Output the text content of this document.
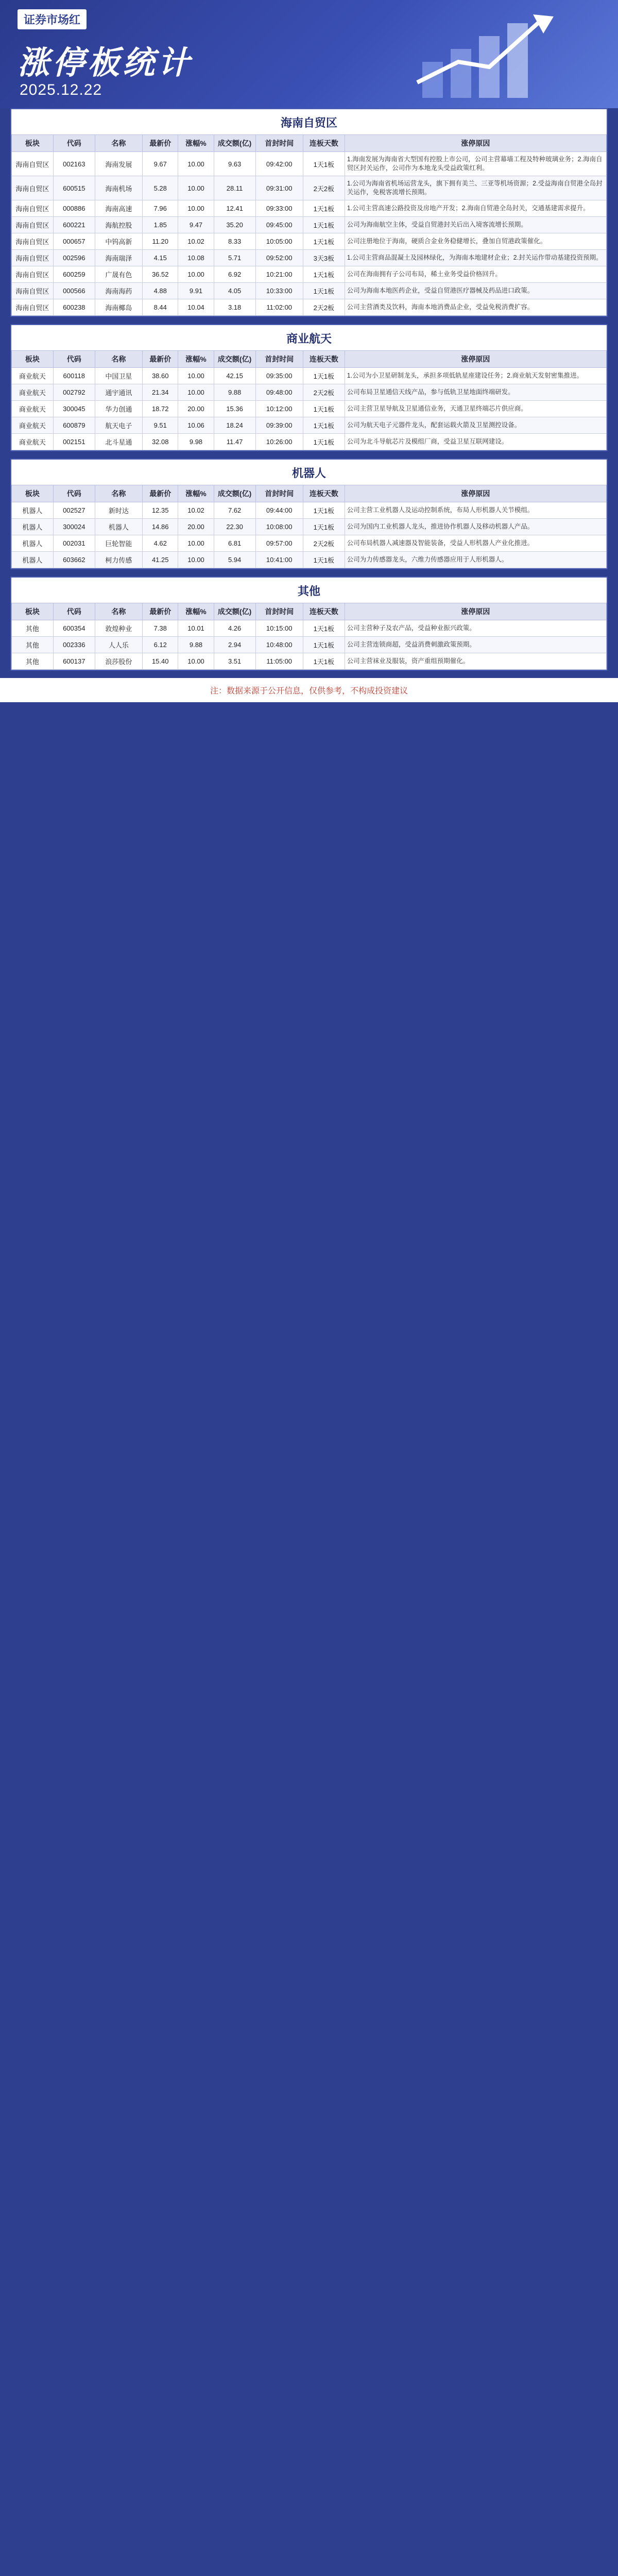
证券市场红
涨停板统计
2025.12.22
海南自贸区
板块	代码	名称	最新价	涨幅%	成交额(亿)	首封时间	连板天数	涨停原因
海南自贸区	002163	海南发展	9.67	10.00	9.63	09:42:00	1天1板	1.海南发展为海南省大型国有控股上市公司，公司主营幕墙工程及特种玻璃业务；2.海南自贸区封关运作，公司作为本地龙头受益政策红利。
海南自贸区	600515	海南机场	5.28	10.00	28.11	09:31:00	2天2板	1.公司为海南省机场运营龙头，旗下拥有美兰、三亚等机场资源；2.受益海南自贸港全岛封关运作，免税客流增长预期。
海南自贸区	000886	海南高速	7.96	10.00	12.41	09:33:00	1天1板	1.公司主营高速公路投资及房地产开发；2.海南自贸港全岛封关，交通基建需求提升。
海南自贸区	600221	海航控股	1.85	9.47	35.20	09:45:00	1天1板	公司为海南航空主体，受益自贸港封关后出入境客流增长预期。
海南自贸区	000657	中钨高新	11.20	10.02	8.33	10:05:00	1天1板	公司注册地位于海南，硬质合金业务稳健增长，叠加自贸港政策催化。
海南自贸区	002596	海南瑞泽	4.15	10.08	5.71	09:52:00	3天3板	1.公司主营商品混凝土及园林绿化，为海南本地建材企业；2.封关运作带动基建投资预期。
海南自贸区	600259	广晟有色	36.52	10.00	6.92	10:21:00	1天1板	公司在海南拥有子公司布局，稀土业务受益价格回升。
海南自贸区	000566	海南海药	4.88	9.91	4.05	10:33:00	1天1板	公司为海南本地医药企业，受益自贸港医疗器械及药品进口政策。
海南自贸区	600238	海南椰岛	8.44	10.04	3.18	11:02:00	2天2板	公司主营酒类及饮料，海南本地消费品企业，受益免税消费扩容。
商业航天
板块	代码	名称	最新价	涨幅%	成交额(亿)	首封时间	连板天数	涨停原因
商业航天	600118	中国卫星	38.60	10.00	42.15	09:35:00	1天1板	1.公司为小卫星研制龙头，承担多项低轨星座建设任务；2.商业航天发射密集推进。
商业航天	002792	通宇通讯	21.34	10.00	9.88	09:48:00	2天2板	公司布局卫星通信天线产品，参与低轨卫星地面终端研发。
商业航天	300045	华力创通	18.72	20.00	15.36	10:12:00	1天1板	公司主营卫星导航及卫星通信业务，天通卫星终端芯片供应商。
商业航天	600879	航天电子	9.51	10.06	18.24	09:39:00	1天1板	公司为航天电子元器件龙头，配套运载火箭及卫星测控设备。
商业航天	002151	北斗星通	32.08	9.98	11.47	10:26:00	1天1板	公司为北斗导航芯片及模组厂商，受益卫星互联网建设。
机器人
板块	代码	名称	最新价	涨幅%	成交额(亿)	首封时间	连板天数	涨停原因
机器人	002527	新时达	12.35	10.02	7.62	09:44:00	1天1板	公司主营工业机器人及运动控制系统，布局人形机器人关节模组。
机器人	300024	机器人	14.86	20.00	22.30	10:08:00	1天1板	公司为国内工业机器人龙头，推进协作机器人及移动机器人产品。
机器人	002031	巨轮智能	4.62	10.00	6.81	09:57:00	2天2板	公司布局机器人减速器及智能装备，受益人形机器人产业化推进。
机器人	603662	柯力传感	41.25	10.00	5.94	10:41:00	1天1板	公司为力传感器龙头，六维力传感器应用于人形机器人。
其他
板块	代码	名称	最新价	涨幅%	成交额(亿)	首封时间	连板天数	涨停原因
其他	600354	敦煌种业	7.38	10.01	4.26	10:15:00	1天1板	公司主营种子及农产品，受益种业振兴政策。
其他	002336	人人乐	6.12	9.88	2.94	10:48:00	1天1板	公司主营连锁商超，受益消费刺激政策预期。
其他	600137	浪莎股份	15.40	10.00	3.51	11:05:00	1天1板	公司主营袜业及服装，资产重组预期催化。
注：数据来源于公开信息，仅供参考，不构成投资建议
